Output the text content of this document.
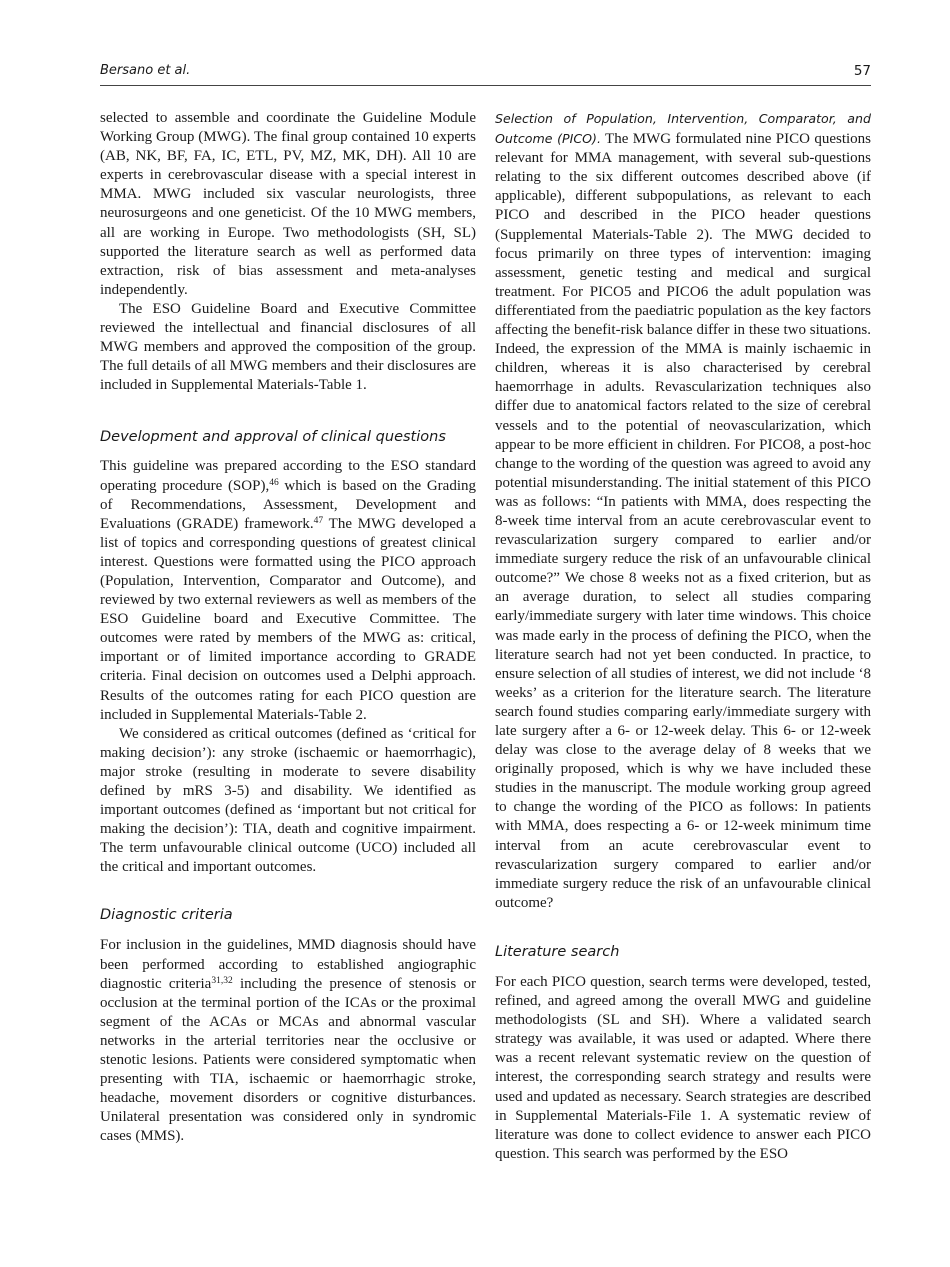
Bersano et al.	57

selected to assemble and coordinate the Guideline Module Working Group (MWG). The final group contained 10 experts (AB, NK, BF, FA, IC, ETL, PV, MZ, MK, DH). All 10 are experts in cerebrovascular disease with a special interest in MMA. MWG included six vascular neurologists, three neurosurgeons and one geneticist. Of the 10 MWG members, all are working in Europe. Two methodologists (SH, SL) supported the literature search as well as performed data extraction, risk of bias assessment and meta-analyses independently.

The ESO Guideline Board and Executive Committee reviewed the intellectual and financial disclosures of all MWG members and approved the composition of the group. The full details of all MWG members and their disclosures are included in Supplemental Materials-Table 1.

Development and approval of clinical questions

This guideline was prepared according to the ESO standard operating procedure (SOP),$^{46}$ which is based on the Grading of Recommendations, Assessment, Development and Evaluations (GRADE) framework.$^{47}$ The MWG developed a list of topics and corresponding questions of greatest clinical interest. Questions were formatted using the PICO approach (Population, Intervention, Comparator and Outcome), and reviewed by two external reviewers as well as members of the ESO Guideline board and Executive Committee. The outcomes were rated by members of the MWG as: critical, important or of limited importance according to GRADE criteria. Final decision on outcomes used a Delphi approach. Results of the outcomes rating for each PICO question are included in Supplemental Materials-Table 2.

We considered as critical outcomes (defined as ‘critical for making decision’): any stroke (ischaemic or haemorrhagic), major stroke (resulting in moderate to severe disability defined by mRS 3-5) and disability. We identified as important outcomes (defined as ‘important but not critical for making the decision’): TIA, death and cognitive impairment. The term unfavourable clinical outcome (UCO) included all the critical and important outcomes.

Diagnostic criteria

For inclusion in the guidelines, MMD diagnosis should have been performed according to established angiographic diagnostic criteria$^{31,32}$ including the presence of stenosis or occlusion at the terminal portion of the ICAs or the proximal segment of the ACAs or MCAs and abnormal vascular networks in the arterial territories near the occlusive or stenotic lesions. Patients were considered symptomatic when presenting with TIA, ischaemic or haemorrhagic stroke, headache, movement disorders or cognitive disturbances. Unilateral presentation was considered only in syndromic cases (MMS).

Selection of Population, Intervention, Comparator, and Outcome (PICO). The MWG formulated nine PICO questions relevant for MMA management, with several sub-questions relating to the six different outcomes described above (if applicable), different subpopulations, as relevant to each PICO and described in the PICO header questions (Supplemental Materials-Table 2). The MWG decided to focus primarily on three types of intervention: imaging assessment, genetic testing and medical and surgical treatment. For PICO5 and PICO6 the adult population was differentiated from the paediatric population as the key factors affecting the benefit-risk balance differ in these two situations. Indeed, the expression of the MMA is mainly ischaemic in children, whereas it is also characterised by cerebral haemorrhage in adults. Revascularization techniques also differ due to anatomical factors related to the size of cerebral vessels and to the potential of neovascularization, which appear to be more efficient in children. For PICO8, a post-hoc change to the wording of the question was agreed to avoid any potential misunderstanding. The initial statement of this PICO was as follows: “In patients with MMA, does respecting the 8-week time interval from an acute cerebrovascular event to revascularization surgery compared to earlier and/or immediate surgery reduce the risk of an unfavourable clinical outcome?” We chose 8 weeks not as a fixed criterion, but as an average duration, to select all studies comparing early/immediate surgery with later time windows. This choice was made early in the process of defining the PICO, when the literature search had not yet been conducted. In practice, to ensure selection of all studies of interest, we did not include ‘8 weeks’ as a criterion for the literature search. The literature search found studies comparing early/immediate surgery with late surgery after a 6- or 12-week delay. This 6- or 12-week delay was close to the average delay of 8 weeks that we originally proposed, which is why we have included these studies in the manuscript. The module working group agreed to change the wording of the PICO as follows: In patients with MMA, does respecting a 6- or 12-week minimum time interval from an acute cerebrovascular event to revascularization surgery compared to earlier and/or immediate surgery reduce the risk of an unfavourable clinical outcome?

Literature search

For each PICO question, search terms were developed, tested, refined, and agreed among the overall MWG and guideline methodologists (SL and SH). Where a validated search strategy was available, it was used or adapted. Where there was a recent relevant systematic review on the question of interest, the corresponding search strategy and results were used and updated as necessary. Search strategies are described in Supplemental Materials-File 1. A systematic review of literature was done to collect evidence to answer each PICO question. This search was performed by the ESO
